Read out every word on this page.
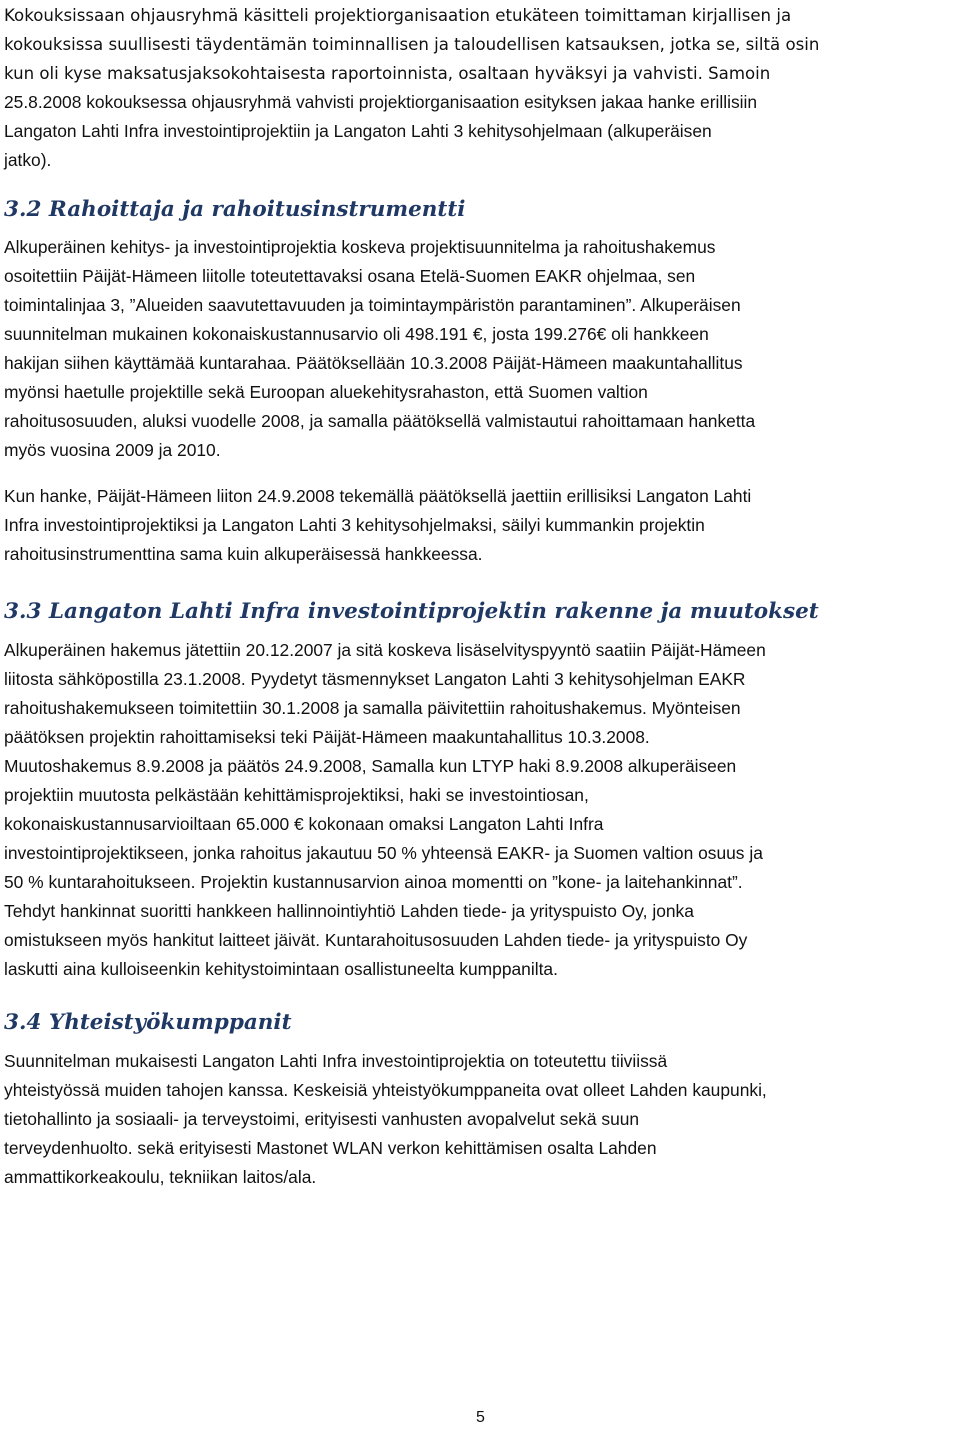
Kokouksissaan ohjausryhmä käsitteli projektiorganisaation etukäteen toimittaman kirjallisen ja
kokouksissa suullisesti täydentämän toiminnallisen ja taloudellisen katsauksen, jotka se, siltä osin
kun oli kyse maksatusjaksokohtaisesta raportoinnista, osaltaan hyväksyi ja vahvisti. Samoin
25.8.2008 kokouksessa ohjausryhmä vahvisti projektiorganisaation esityksen jakaa hanke erillisiin
Langaton Lahti Infra investointiprojektiin ja Langaton Lahti 3 kehitysohjelmaan (alkuperäisen
jatko).
3.2 Rahoittaja ja rahoitusinstrumentti
Alkuperäinen kehitys- ja investointiprojektia koskeva projektisuunnitelma ja rahoitushakemus
osoitettiin Päijät-Hämeen liitolle toteutettavaksi osana Etelä-Suomen EAKR ohjelmaa, sen
toimintalinjaa 3, ”Alueiden saavutettavuuden ja toimintaympäristön parantaminen”. Alkuperäisen
suunnitelman mukainen kokonaiskustannusarvio oli 498.191 €, josta 199.276€ oli hankkeen
hakijan siihen käyttämää kuntarahaa. Päätöksellään 10.3.2008 Päijät-Hämeen maakuntahallitus
myönsi haetulle projektille sekä Euroopan aluekehitysrahaston, että Suomen valtion
rahoitusosuuden, aluksi vuodelle 2008, ja samalla päätöksellä valmistautui rahoittamaan hanketta
myös vuosina 2009 ja 2010.
Kun hanke, Päijät-Hämeen liiton 24.9.2008 tekemällä päätöksellä jaettiin erillisiksi Langaton Lahti
Infra investointiprojektiksi ja Langaton Lahti 3 kehitysohjelmaksi, säilyi kummankin projektin
rahoitusinstrumenttina sama kuin alkuperäisessä hankkeessa.
3.3 Langaton Lahti Infra investointiprojektin rakenne ja muutokset
Alkuperäinen hakemus jätettiin 20.12.2007 ja sitä koskeva lisäselvityspyyntö saatiin Päijät-Hämeen
liitosta sähköpostilla 23.1.2008. Pyydetyt täsmennykset Langaton Lahti 3 kehitysohjelman EAKR
rahoitushakemukseen toimitettiin 30.1.2008 ja samalla päivitettiin rahoitushakemus. Myönteisen
päätöksen projektin rahoittamiseksi teki Päijät-Hämeen maakuntahallitus 10.3.2008.
Muutoshakemus 8.9.2008 ja päätös 24.9.2008, Samalla kun LTYP haki 8.9.2008 alkuperäiseen
projektiin muutosta pelkästään kehittämisprojektiksi, haki se investointiosan,
kokonaiskustannusarvioiltaan 65.000 € kokonaan omaksi Langaton Lahti Infra
investointiprojektikseen, jonka rahoitus jakautuu 50 % yhteensä EAKR- ja Suomen valtion osuus ja
50 % kuntarahoitukseen. Projektin kustannusarvion ainoa momentti on ”kone- ja laitehankinnat”.
Tehdyt hankinnat suoritti hankkeen hallinnointiyhtiö Lahden tiede- ja yrityspuisto Oy, jonka
omistukseen myös hankitut laitteet jäivät. Kuntarahoitusosuuden Lahden tiede- ja yrityspuisto Oy
laskutti aina kulloiseenkin kehitystoimintaan osallistuneelta kumppanilta.
3.4 Yhteistyökumppanit
Suunnitelman mukaisesti Langaton Lahti Infra investointiprojektia on toteutettu tiiviissä
yhteistyössä muiden tahojen kanssa. Keskeisiä yhteistyökumppaneita ovat olleet Lahden kaupunki,
tietohallinto ja sosiaali- ja terveystoimi, erityisesti vanhusten avopalvelut sekä suun
terveydenhuolto. sekä erityisesti Mastonet WLAN verkon kehittämisen osalta Lahden
ammattikorkeakoulu, tekniikan laitos/ala.
5
